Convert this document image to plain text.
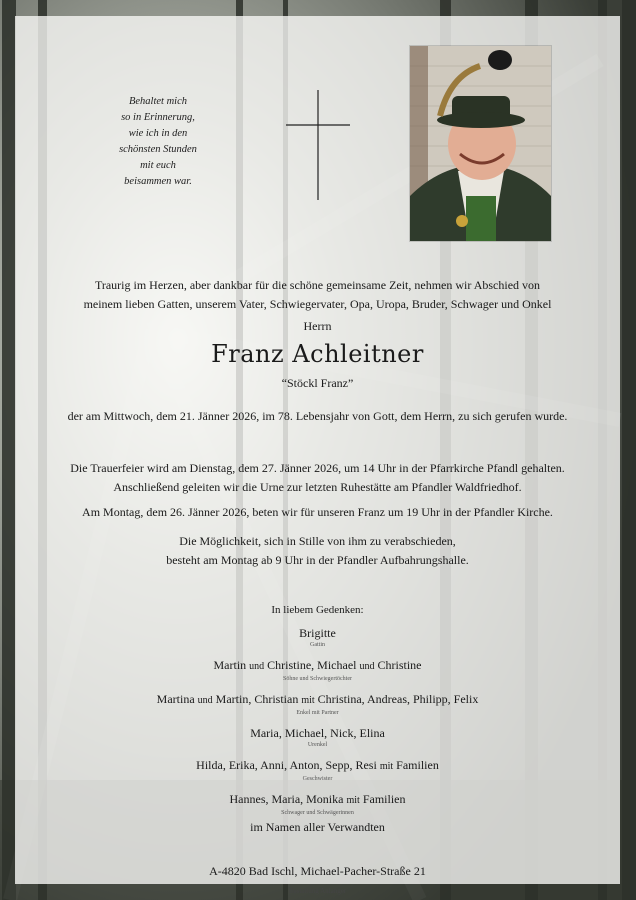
Behaltet mich
so in Erinnerung,
wie ich in den
schönsten Stunden
mit euch
beisammen war.
Traurig im Herzen, aber dankbar für die schöne gemeinsame Zeit, nehmen wir Abschied von
meinem lieben Gatten, unserem Vater, Schwiegervater, Opa, Uropa, Bruder, Schwager und Onkel
Herrn
Franz Achleitner
“Stöckl Franz”
der am Mittwoch, dem 21. Jänner 2026, im 78. Lebensjahr von Gott, dem Herrn, zu sich gerufen wurde.
Die Trauerfeier wird am Dienstag, dem 27. Jänner 2026, um 14 Uhr in der Pfarrkirche Pfandl gehalten.
Anschließend geleiten wir die Urne zur letzten Ruhestätte am Pfandler Waldfriedhof.
Am Montag, dem 26. Jänner 2026, beten wir für unseren Franz um 19 Uhr in der Pfandler Kirche.
Die Möglichkeit, sich in Stille von ihm zu verabschieden,
besteht am Montag ab 9 Uhr in der Pfandler Aufbahrungshalle.
In liebem Gedenken:
Brigitte
Gattin
Martin und Christine, Michael und Christine
Söhne und Schwiegertöchter
Martina und Martin, Christian mit Christina, Andreas, Philipp, Felix
Enkel mit Partner
Maria, Michael, Nick, Elina
Urenkel
Hilda, Erika, Anni, Anton, Sepp, Resi mit Familien
Geschwister
Hannes, Maria, Monika mit Familien
Schwager und Schwägerinnen
im Namen aller Verwandten
A-4820 Bad Ischl, Michael-Pacher-Straße 21
Bestattung Anlanger
